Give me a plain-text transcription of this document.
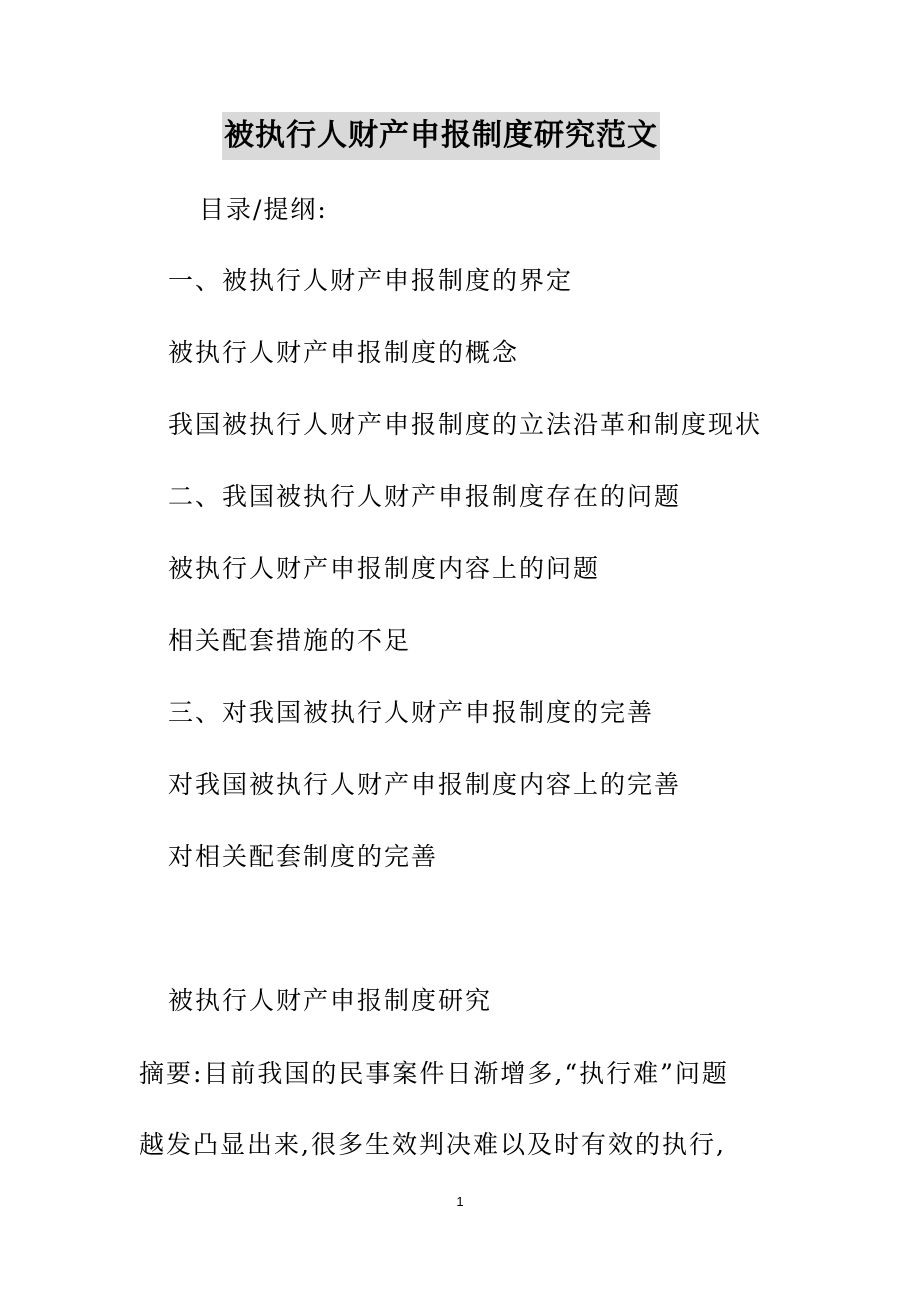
被执行人财产申报制度研究范文
目录/提纲:
一、被执行人财产申报制度的界定
被执行人财产申报制度的概念
我国被执行人财产申报制度的立法沿革和制度现状
二、我国被执行人财产申报制度存在的问题
被执行人财产申报制度内容上的问题
相关配套措施的不足
三、对我国被执行人财产申报制度的完善
对我国被执行人财产申报制度内容上的完善
对相关配套制度的完善
被执行人财产申报制度研究
摘要:目前我国的民事案件日渐增多,“执行难”问题
越发凸显出来,很多生效判决难以及时有效的执行,
1
